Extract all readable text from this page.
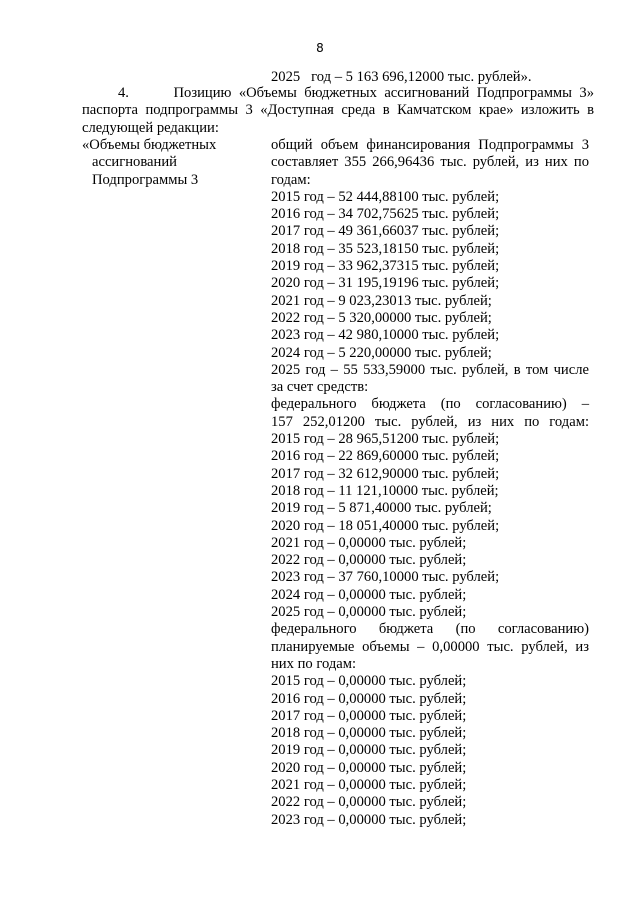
8
2025   год – 5 163 696,12000 тыс. рублей».
4.      Позицию «Объемы бюджетных ассигнований Подпрограммы 3»
паспорта подпрограммы 3 «Доступная среда в Камчатском крае» изложить в
следующей редакции:
«Объемы бюджетных
ассигнований
Подпрограммы 3
общий объем финансирования Подпрограммы 3
составляет 355 266,96436 тыс. рублей, из них по
годам:
2015 год – 52 444,88100 тыс. рублей;
2016 год – 34 702,75625 тыс. рублей;
2017 год – 49 361,66037 тыс. рублей;
2018 год – 35 523,18150 тыс. рублей;
2019 год – 33 962,37315 тыс. рублей;
2020 год – 31 195,19196 тыс. рублей;
2021 год – 9 023,23013 тыс. рублей;
2022 год – 5 320,00000 тыс. рублей;
2023 год – 42 980,10000 тыс. рублей;
2024 год – 5 220,00000 тыс. рублей;
2025 год – 55 533,59000 тыс. рублей, в том числе
за счет средств:
федерального бюджета (по согласованию) –
157 252,01200 тыс. рублей, из них по годам:
2015 год – 28 965,51200 тыс. рублей;
2016 год – 22 869,60000 тыс. рублей;
2017 год – 32 612,90000 тыс. рублей;
2018 год – 11 121,10000 тыс. рублей;
2019 год – 5 871,40000 тыс. рублей;
2020 год – 18 051,40000 тыс. рублей;
2021 год – 0,00000 тыс. рублей;
2022 год – 0,00000 тыс. рублей;
2023 год – 37 760,10000 тыс. рублей;
2024 год – 0,00000 тыс. рублей;
2025 год – 0,00000 тыс. рублей;
федерального бюджета (по согласованию)
планируемые объемы – 0,00000 тыс. рублей, из
них по годам:
2015 год – 0,00000 тыс. рублей;
2016 год – 0,00000 тыс. рублей;
2017 год – 0,00000 тыс. рублей;
2018 год – 0,00000 тыс. рублей;
2019 год – 0,00000 тыс. рублей;
2020 год – 0,00000 тыс. рублей;
2021 год – 0,00000 тыс. рублей;
2022 год – 0,00000 тыс. рублей;
2023 год – 0,00000 тыс. рублей;
